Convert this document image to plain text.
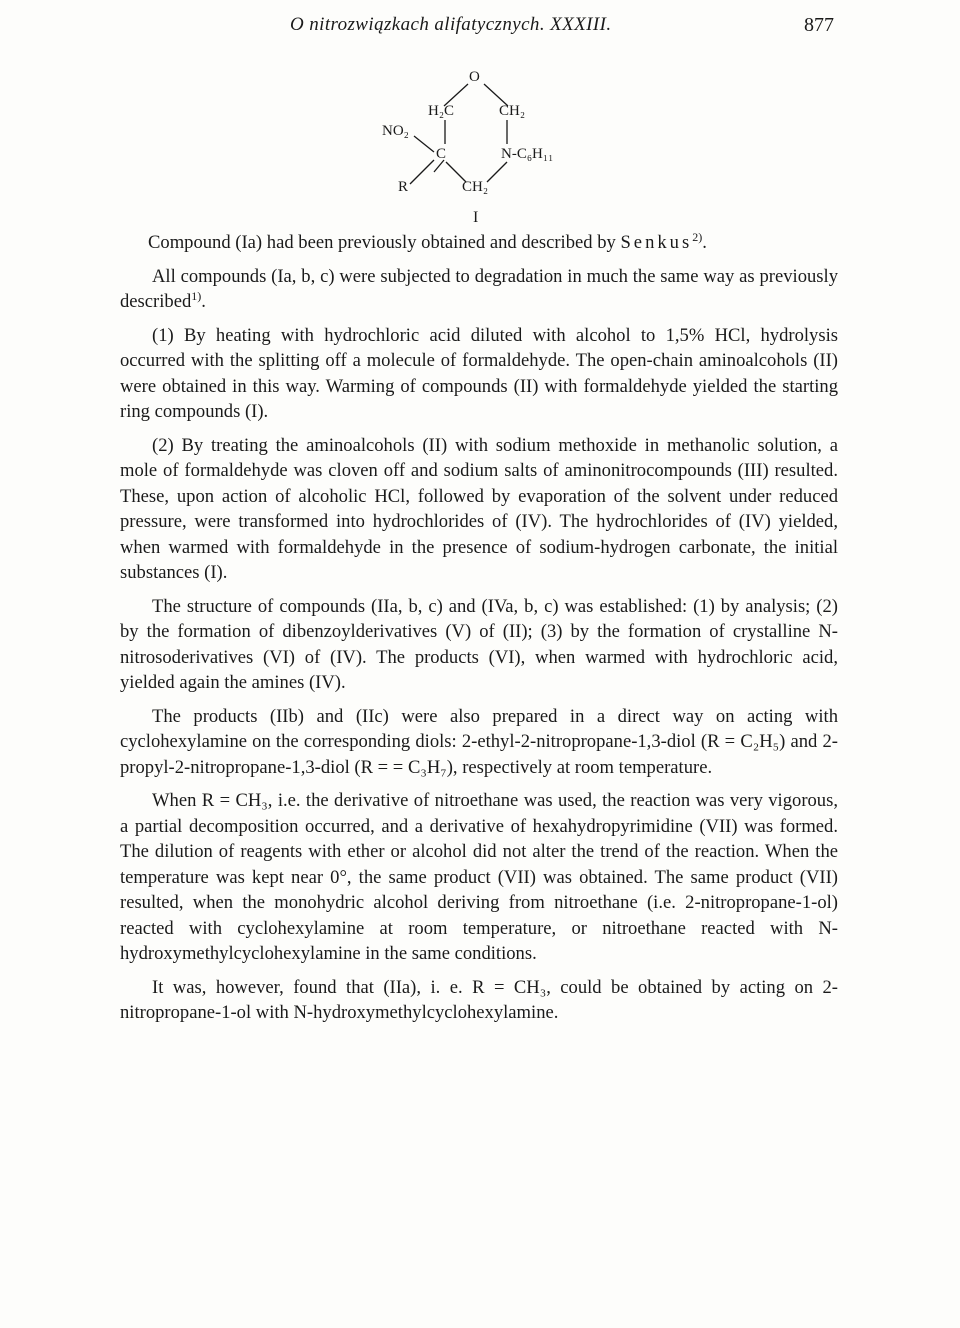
O nitrozwiązkach alifatycznych. XXXIII.	877
O
H₂C	CH₂
NO₂
C	N-C₆H₁₁
R	CH₂
I

Compound (Ia) had been previously obtained and described by Senkus$^{2)}$.

All compounds (Ia, b, c) were subjected to degradation in much the same way as previously described$^{1)}$.

(1) By heating with hydrochloric acid diluted with alcohol to 1,5% HCl, hydrolysis occurred with the splitting off a molecule of formaldehyde. The open-chain aminoalcohols (II) were obtained in this way. Warming of compounds (II) with formaldehyde yielded the starting ring compounds (I).

(2) By treating the aminoalcohols (II) with sodium methoxide in methanolic solution, a mole of formaldehyde was cloven off and sodium salts of aminonitrocompounds (III) resulted. These, upon action of alcoholic HCl, followed by evaporation of the solvent under reduced pressure, were transformed into hydrochlorides of (IV). The hydrochlorides of (IV) yielded, when warmed with formaldehyde in the presence of sodium-hydrogen carbonate, the initial substances (I).

The structure of compounds (IIa, b, c) and (IVa, b, c) was established: (1) by analysis; (2) by the formation of dibenzoylderivatives (V) of (II); (3) by the formation of crystalline N-nitrosoderivatives (VI) of (IV). The products (VI), when warmed with hydrochloric acid, yielded again the amines (IV).

The products (IIb) and (IIc) were also prepared in a direct way on acting with cyclohexylamine on the corresponding diols: 2-ethyl-2-nitropropane-1,3-diol (R = C₂H₅) and 2-propyl-2-nitropropane-1,3-diol (R = = C₃H₇), respectively at room temperature.

When R = CH₃, i.e. the derivative of nitroethane was used, the reaction was very vigorous, a partial decomposition occurred, and a derivative of hexahydropyrimidine (VII) was formed. The dilution of reagents with ether or alcohol did not alter the trend of the reaction. When the temperature was kept near 0°, the same product (VII) was obtained. The same product (VII) resulted, when the monohydric alcohol deriving from nitroethane (i.e. 2-nitropropane-1-ol) reacted with cyclohexylamine at room temperature, or nitroethane reacted with N-hydroxymethylcyclohexylamine in the same conditions.

It was, however, found that (IIa), i. e. R = CH₃, could be obtained by acting on 2-nitropropane-1-ol with N-hydroxymethylcyclohexylamine.
